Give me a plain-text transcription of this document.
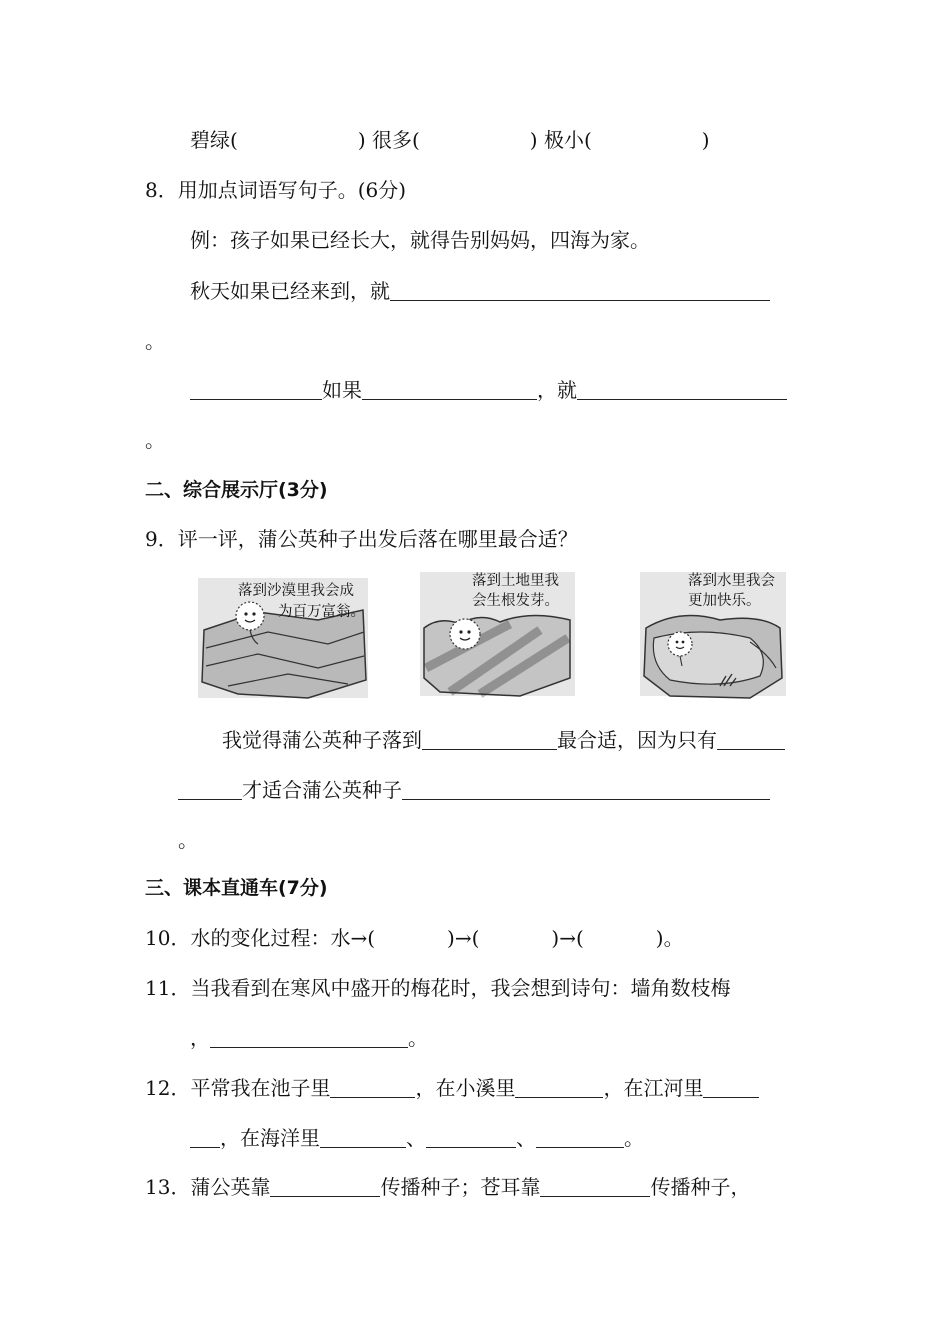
碧绿(	) 很多(	) 极小(	)
8．用加点词语写句子。(6分)
例：孩子如果已经长大，就得告别妈妈，四海为家。
秋天如果已经来到，就
。
如果	，就
。
二、综合展示厅(3分)
9．评一评，蒲公英种子出发后落在哪里最合适？
落到沙漠里我会成
为百万富翁。
落到土地里我
会生根发芽。
落到水里我会
更加快乐。
我觉得蒲公英种子落到	最合适，因为只有
才适合蒲公英种子
。
三、课本直通车(7分)
10．水的变化过程：水→(	)→(	)→(	)。
11．当我看到在寒风中盛开的梅花时，我会想到诗句：墙角数枝梅
，	。
12．平常我在池子里	，在小溪里	，在江河里
，在海洋里	、	、	。
13．蒲公英靠	传播种子；苍耳靠	传播种子，
